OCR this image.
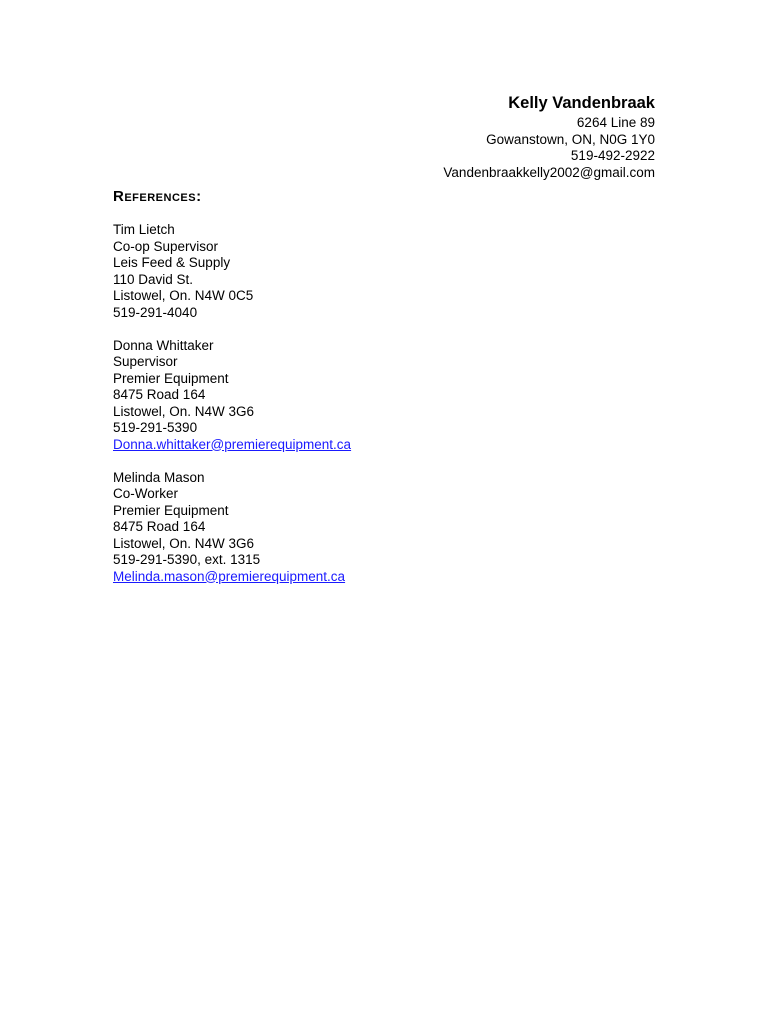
Kelly Vandenbraak
6264 Line 89
Gowanstown, ON, N0G 1Y0
519-492-2922
Vandenbraakkelly2002@gmail.com
References:
Tim Lietch
Co-op Supervisor
Leis Feed & Supply
110 David St.
Listowel, On. N4W 0C5
519-291-4040
Donna Whittaker
Supervisor
Premier Equipment
8475 Road 164
Listowel, On. N4W 3G6
519-291-5390
Donna.whittaker@premierequipment.ca
Melinda Mason
Co-Worker
Premier Equipment
8475 Road 164
Listowel, On. N4W 3G6
519-291-5390, ext. 1315
Melinda.mason@premierequipment.ca
